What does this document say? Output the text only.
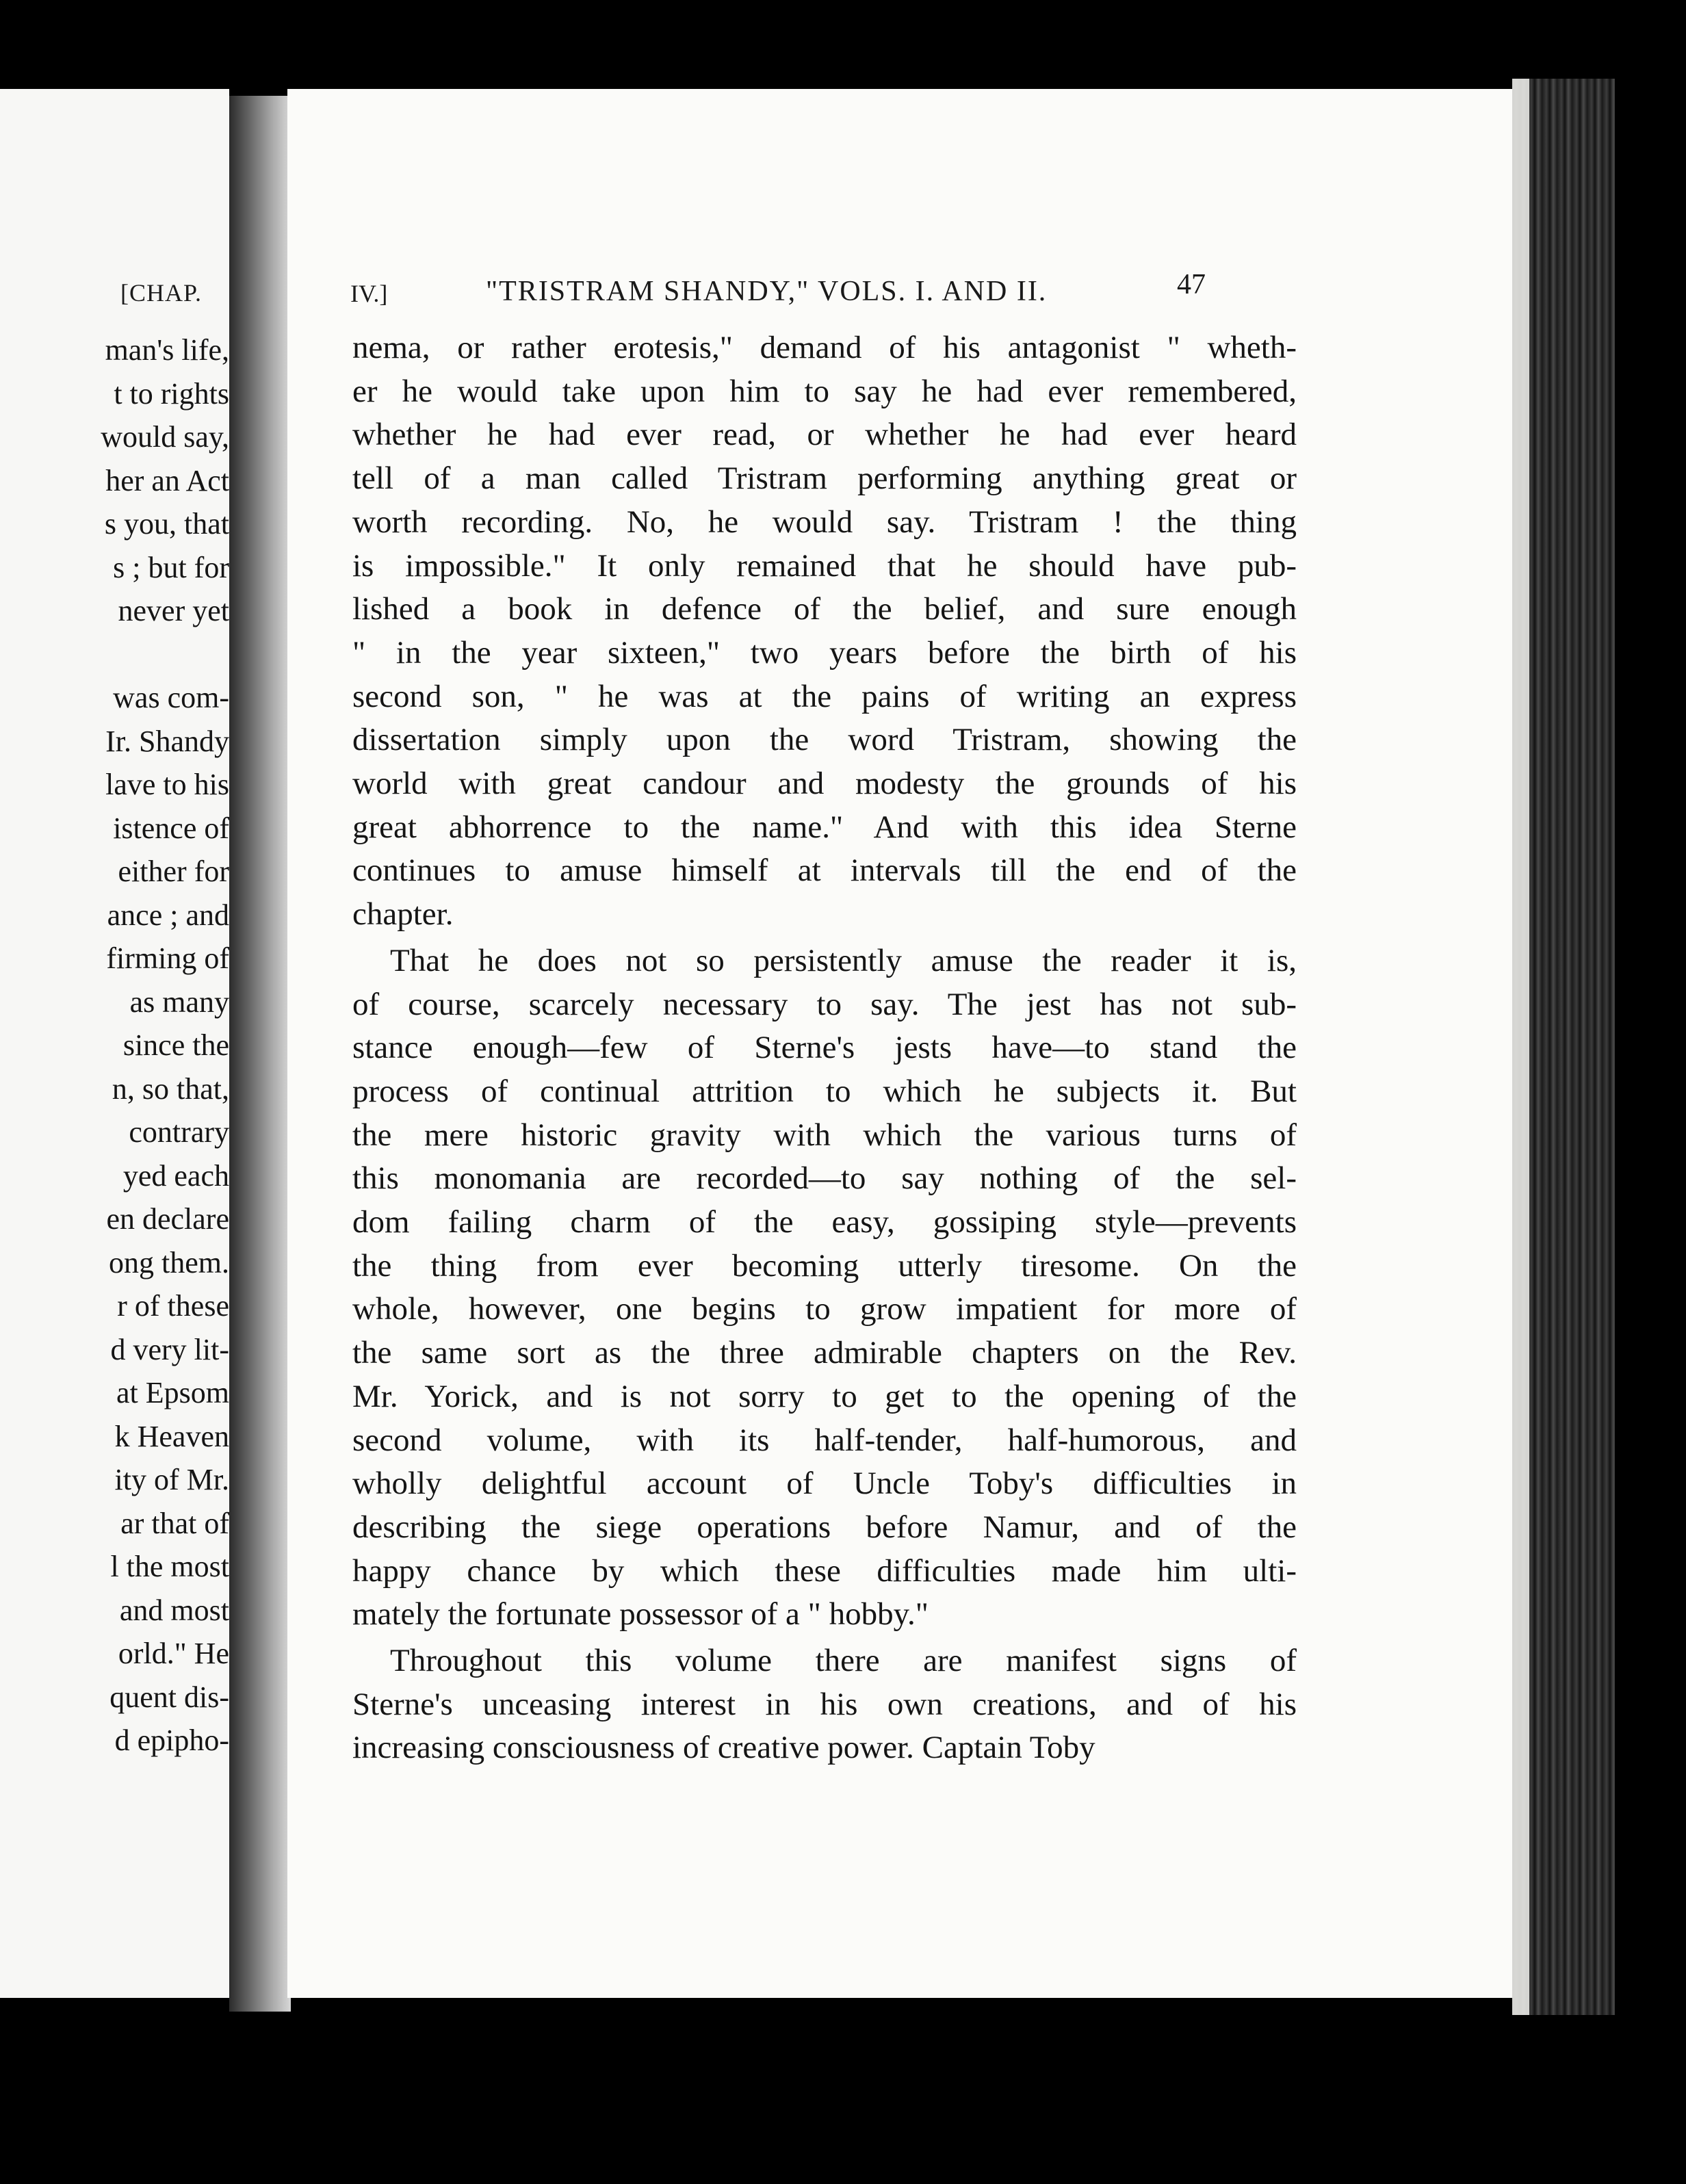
[CHAP.
man's life,
t to rights
would say,
her an Act
s you, that
s ; but for
never yet
was com-
Ir. Shandy
lave to his
istence of
either for
ance ; and
firming of
as many
since the
n, so that,
contrary
yed each
en declare
ong them.
r of these
d very lit-
at Epsom
k Heaven
ity of Mr.
ar that of
l the most
and most
orld." He
quent dis-
d epipho-
IV.]	"TRISTRAM SHANDY," VOLS. I. AND II.	47
nema, or rather erotesis," demand of his antagonist " wheth-
er he would take upon him to say he had ever remembered,
whether he had ever read, or whether he had ever heard
tell of a man called Tristram performing anything great or
worth recording. No, he would say. Tristram ! the thing
is impossible." It only remained that he should have pub-
lished a book in defence of the belief, and sure enough
" in the year sixteen," two years before the birth of his
second son, " he was at the pains of writing an express
dissertation simply upon the word Tristram, showing the
world with great candour and modesty the grounds of his
great abhorrence to the name." And with this idea Sterne
continues to amuse himself at intervals till the end of the
chapter.
That he does not so persistently amuse the reader it is,
of course, scarcely necessary to say. The jest has not sub-
stance enough—few of Sterne's jests have—to stand the
process of continual attrition to which he subjects it. But
the mere historic gravity with which the various turns of
this monomania are recorded—to say nothing of the sel-
dom failing charm of the easy, gossiping style—prevents
the thing from ever becoming utterly tiresome. On the
whole, however, one begins to grow impatient for more of
the same sort as the three admirable chapters on the Rev.
Mr. Yorick, and is not sorry to get to the opening of the
second volume, with its half-tender, half-humorous, and
wholly delightful account of Uncle Toby's difficulties in
describing the siege operations before Namur, and of the
happy chance by which these difficulties made him ulti-
mately the fortunate possessor of a " hobby."
Throughout this volume there are manifest signs of
Sterne's unceasing interest in his own creations, and of his
increasing consciousness of creative power. Captain Toby
